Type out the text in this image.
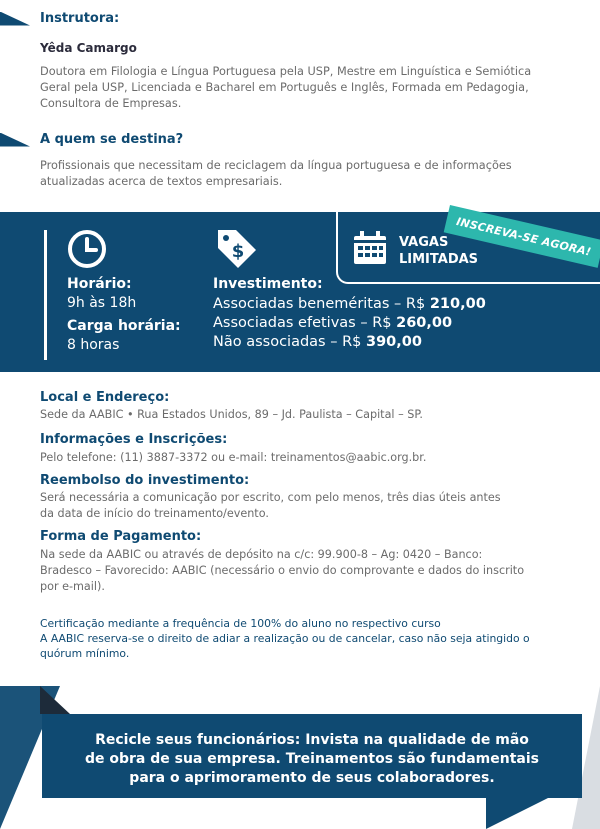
Instrutora:
Yêda Camargo
Doutora em Filologia e Língua Portuguesa pela USP, Mestre em Linguística e Semiótica
Geral pela USP, Licenciada e Bacharel em Português e Inglês, Formada em Pedagogia,
Consultora de Empresas.
A quem se destina?
Profissionais que necessitam de reciclagem da língua portuguesa e de informações
atualizadas acerca de textos empresariais.
$
Horário:
9h às 18h
Carga horária:
8 horas
Investimento:
Associadas beneméritas – R$ 210,00
Associadas efetivas – R$ 260,00
Não associadas – R$ 390,00
VAGAS
LIMITADAS
INSCREVA-SE AGORA!
Local e Endereço:
Sede da AABIC • Rua Estados Unidos, 89 – Jd. Paulista – Capital – SP.
Informações e Inscrições:
Pelo telefone: (11) 3887-3372 ou e-mail: treinamentos@aabic.org.br.
Reembolso do investimento:
Será necessária a comunicação por escrito, com pelo menos, três dias úteis antes
da data de início do treinamento/evento.
Forma de Pagamento:
Na sede da AABIC ou através de depósito na c/c: 99.900-8 – Ag: 0420 – Banco:
Bradesco – Favorecido: AABIC (necessário o envio do comprovante e dados do inscrito
por e-mail).
Certificação mediante a frequência de 100% do aluno no respectivo curso
A AABIC reserva-se o direito de adiar a realização ou de cancelar, caso não seja atingido o
quórum mínimo.
Recicle seus funcionários: Invista na qualidade de mão
de obra de sua empresa. Treinamentos são fundamentais
para o aprimoramento de seus colaboradores.
